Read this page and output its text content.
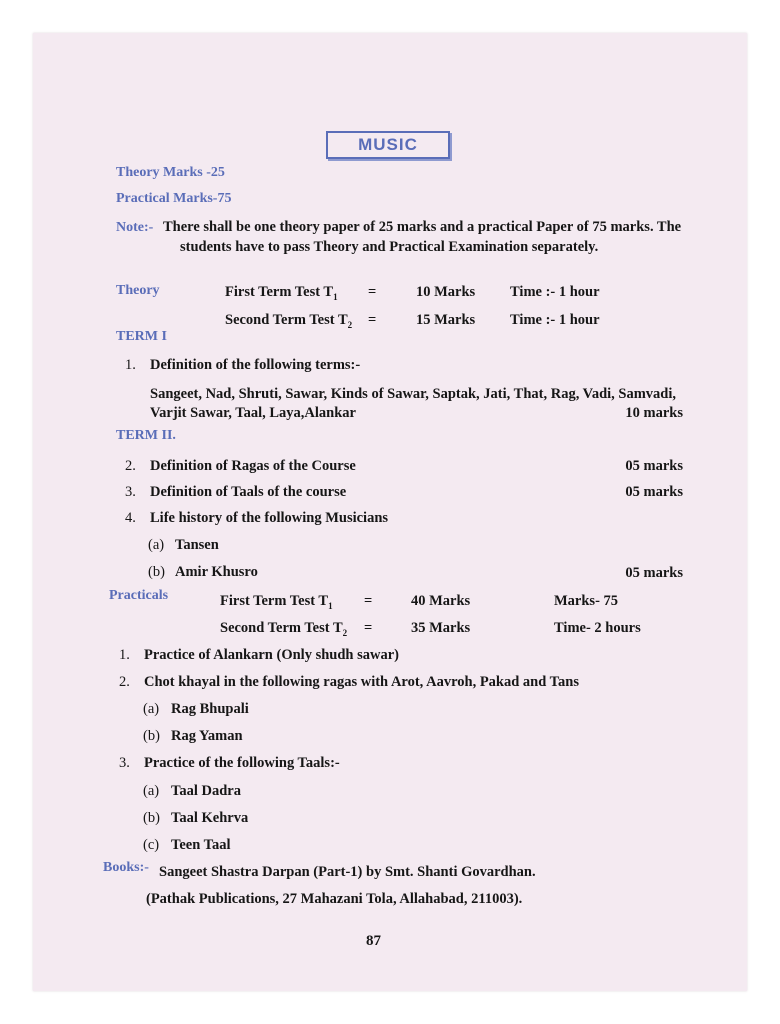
MUSIC
Theory Marks -25
Practical Marks-75
Note:- There shall be one theory paper of 25 marks and a practical Paper of 75 marks. The
students have to pass Theory and Practical Examination separately.
Theory	First Term Test $T_1$ =	10 Marks Time :- 1 hour
Second Term Test $T_2$ =	15 Marks Time :- 1 hour
TERM I
1. Definition of the following terms:-
Sangeet, Nad, Shruti, Sawar, Kinds of Sawar, Saptak, Jati, That, Rag, Vadi, Samvadi,
Varjit Sawar, Taal, Laya,Alankar	10 marks
TERM II.
2. Definition of Ragas of the Course	05 marks
3. Definition of Taals of the course	05 marks
4. Life history of the following Musicians
(a) Tansen
(b) Amir Khusro	05 marks
Practicals	First Term Test $T_1$ =	40 Marks	Marks- 75
Second Term Test $T_2$ =	35 Marks	Time- 2 hours
1. Practice of Alankarn (Only shudh sawar)
2. Chot khayal in the following ragas with Arot, Aavroh, Pakad and Tans
(a) Rag Bhupali
(b) Rag Yaman
3. Practice of the following Taals:-
(a) Taal Dadra
(b) Taal Kehrva
(c) Teen Taal
Books:- Sangeet Shastra Darpan (Part-1) by Smt. Shanti Govardhan.
(Pathak Publications, 27 Mahazani Tola, Allahabad, 211003).
87
